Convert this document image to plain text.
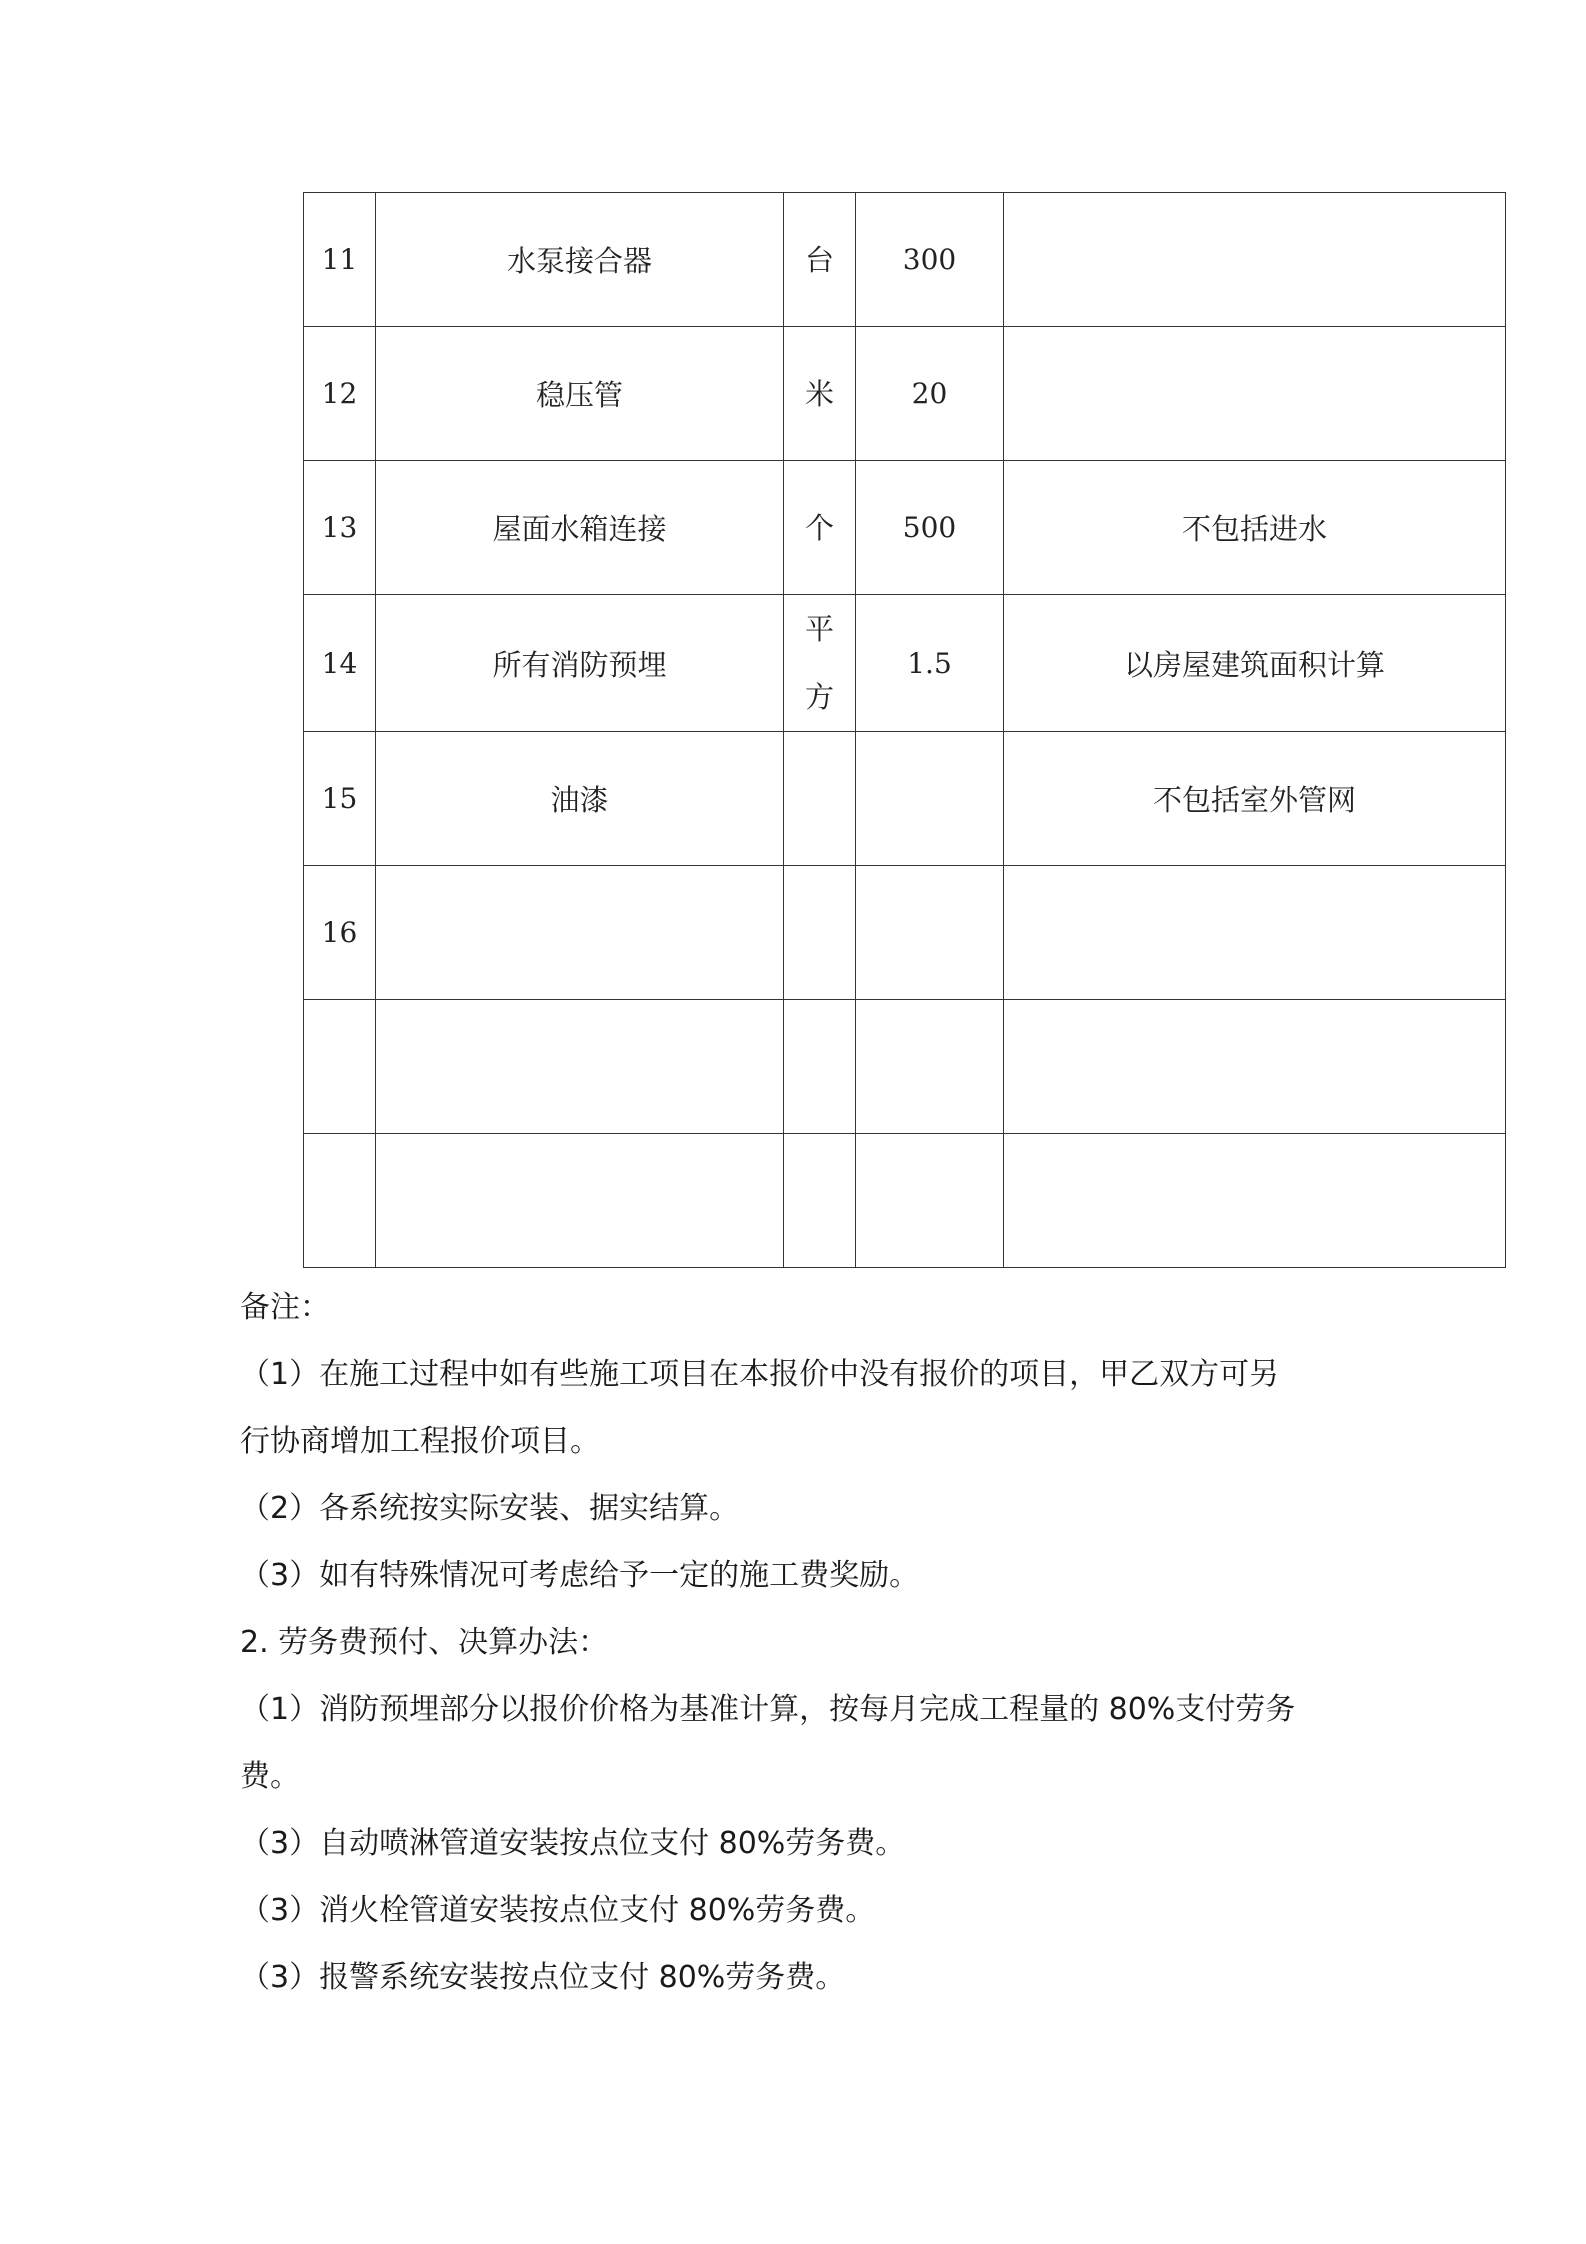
11	水泵接合器	台	300	
12	稳压管	米	20	
13	屋面水箱连接	个	500	不包括进水
14	所有消防预埋	平方	1.5	以房屋建筑面积计算
15	油漆			不包括室外管网
16				

备注：
（1）在施工过程中如有些施工项目在本报价中没有报价的项目，甲乙双方可另
行协商增加工程报价项目。
（2）各系统按实际安装、据实结算。
（3）如有特殊情况可考虑给予一定的施工费奖励。
2. 劳务费预付、决算办法：
（1）消防预埋部分以报价价格为基准计算，按每月完成工程量的 80%支付劳务
费。
（3）自动喷淋管道安装按点位支付 80%劳务费。
（3）消火栓管道安装按点位支付 80%劳务费。
（3）报警系统安装按点位支付 80%劳务费。
